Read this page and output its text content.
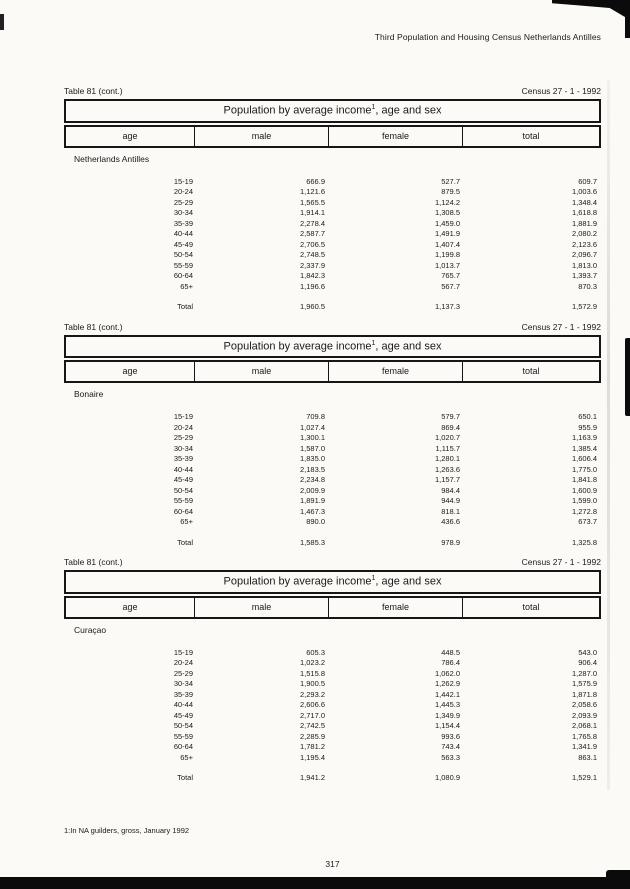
Third Population and Housing Census Netherlands Antilles
Table 81 (cont.)	Census 27 - 1 - 1992
Population by average income$^1$, age and sex
age	male	female	total
Netherlands Antilles
15-19	666.9	527.7	609.7
20-24	1,121.6	879.5	1,003.6
25-29	1,565.5	1,124.2	1,348.4
30-34	1,914.1	1,308.5	1,618.8
35-39	2,278.4	1,459.0	1,881.9
40-44	2,587.7	1,491.9	2,080.2
45-49	2,706.5	1,407.4	2,123.6
50-54	2,748.5	1,199.8	2,096.7
55-59	2,337.9	1,013.7	1,813.0
60-64	1,842.3	765.7	1,393.7
65+	1,196.6	567.7	870.3
Total	1,960.5	1,137.3	1,572.9
Table 81 (cont.)	Census 27 - 1 - 1992
Population by average income$^1$, age and sex
age	male	female	total
Bonaire
15-19	709.8	579.7	650.1
20-24	1,027.4	869.4	955.9
25-29	1,300.1	1,020.7	1,163.9
30-34	1,587.0	1,115.7	1,385.4
35-39	1,835.0	1,280.1	1,606.4
40-44	2,183.5	1,263.6	1,775.0
45-49	2,234.8	1,157.7	1,841.8
50-54	2,009.9	984.4	1,600.9
55-59	1,891.9	944.9	1,599.0
60-64	1,467.3	818.1	1,272.8
65+	890.0	436.6	673.7
Total	1,585.3	978.9	1,325.8
Table 81 (cont.)	Census 27 - 1 - 1992
Population by average income$^1$, age and sex
age	male	female	total
Curaçao
15-19	605.3	448.5	543.0
20-24	1,023.2	786.4	906.4
25-29	1,515.8	1,062.0	1,287.0
30-34	1,900.5	1,262.9	1,575.9
35-39	2,293.2	1,442.1	1,871.8
40-44	2,606.6	1,445.3	2,058.6
45-49	2,717.0	1,349.9	2,093.9
50-54	2,742.5	1,154.4	2,068.1
55-59	2,285.9	993.6	1,765.8
60-64	1,781.2	743.4	1,341.9
65+	1,195.4	563.3	863.1
Total	1,941.2	1,080.9	1,529.1
1:In NA guilders, gross, January 1992
317
